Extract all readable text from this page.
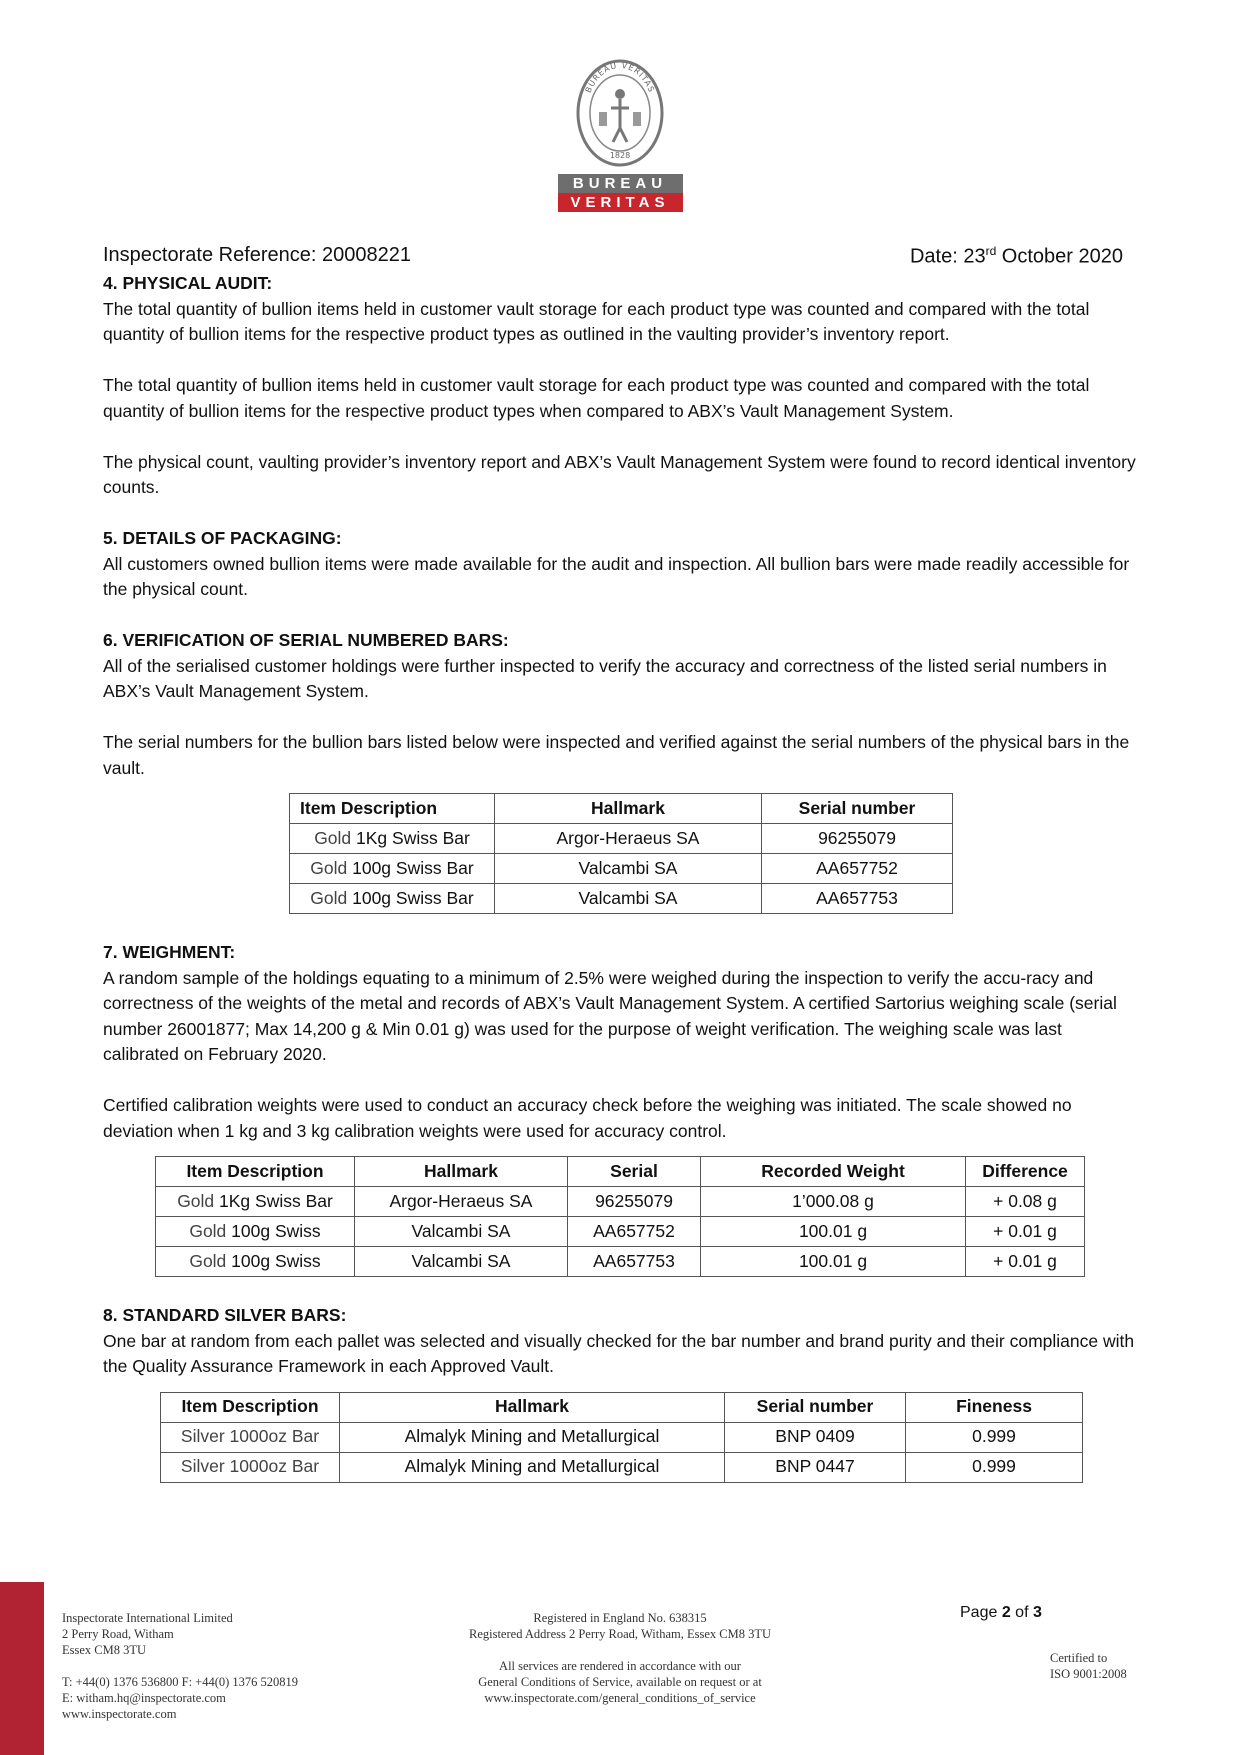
BUREAU VERITAS
1828
BUREAU
VERITAS
Inspectorate Reference: 20008221	Date: 23rd October 2020

4. PHYSICAL AUDIT:

The total quantity of bullion items held in customer vault storage for each product type was counted and compared with the total quantity of bullion items for the respective product types as outlined in the vaulting provider’s inventory report.

The total quantity of bullion items held in customer vault storage for each product type was counted and compared with the total quantity of bullion items for the respective product types when compared to ABX’s Vault Management System.

The physical count, vaulting provider’s inventory report and ABX’s Vault Management System were found to record identical inventory counts.

5. DETAILS OF PACKAGING:

All customers owned bullion items were made available for the audit and inspection. All bullion bars were made readily accessible for the physical count.

6. VERIFICATION OF SERIAL NUMBERED BARS:

All of the serialised customer holdings were further inspected to verify the accuracy and correctness of the listed serial numbers in ABX’s Vault Management System.

The serial numbers for the bullion bars listed below were inspected and verified against the serial numbers of the physical bars in the vault.

Item Description	Hallmark	Serial number
Gold 1Kg Swiss Bar	Argor-Heraeus SA	96255079
Gold 100g Swiss Bar	Valcambi SA	AA657752
Gold 100g Swiss Bar	Valcambi SA	AA657753

7. WEIGHMENT:

A random sample of the holdings equating to a minimum of 2.5% were weighed during the inspection to verify the accu-racy and correctness of the weights of the metal and records of ABX’s Vault Management System. A certified Sartorius weighing scale (serial number 26001877; Max 14,200 g & Min 0.01 g) was used for the purpose of weight verification. The weighing scale was last calibrated on February 2020.

Certified calibration weights were used to conduct an accuracy check before the weighing was initiated. The scale showed no deviation when 1 kg and 3 kg calibration weights were used for accuracy control.

Item Description	Hallmark	Serial	Recorded Weight	Difference
Gold 1Kg Swiss Bar	Argor-Heraeus SA	96255079	1’000.08 g	+ 0.08 g
Gold 100g Swiss	Valcambi SA	AA657752	100.01 g	+ 0.01 g
Gold 100g Swiss	Valcambi SA	AA657753	100.01 g	+ 0.01 g

8. STANDARD SILVER BARS:

One bar at random from each pallet was selected and visually checked for the bar number and brand purity and their compliance with the Quality Assurance Framework in each Approved Vault.

Item Description	Hallmark	Serial number	Fineness
Silver 1000oz Bar	Almalyk Mining and Metallurgical	BNP 0409	0.999
Silver 1000oz Bar	Almalyk Mining and Metallurgical	BNP 0447	0.999
Inspectorate International Limited
2 Perry Road, Witham
Essex CM8 3TU
T: +44(0) 1376 536800 F: +44(0) 1376 520819
E: witham.hq@inspectorate.com
www.inspectorate.com
Registered in England No. 638315
Registered Address 2 Perry Road, Witham, Essex CM8 3TU
All services are rendered in accordance with our
General Conditions of Service, available on request or at
www.inspectorate.com/general_conditions_of_service
Page 2 of 3
Certified to
ISO 9001:2008
